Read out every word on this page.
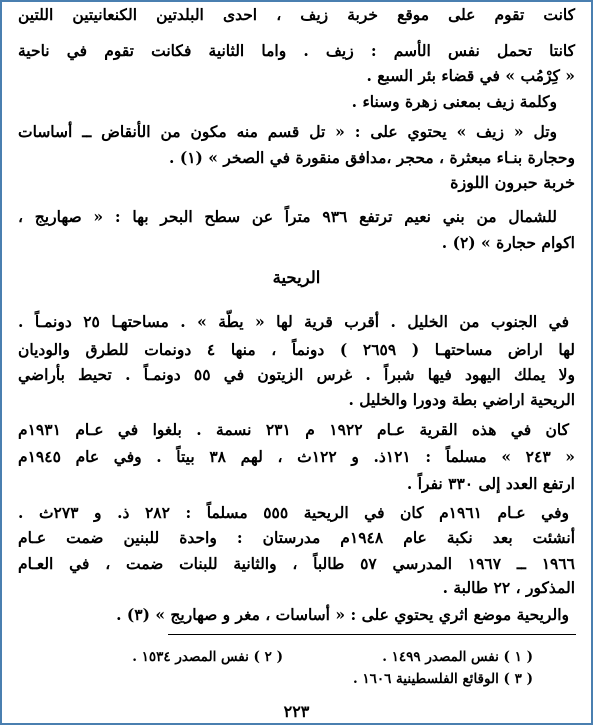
كانت تقوم على موقع خربة زيف ، احدى البلدتين الكنعانيتين اللتين
كانتا تحمل نفس الأسم : زيف . واما الثانية فكانت تقوم في ناحية
« كِرْمُب » في قضاء بئر السبع .
وكلمة زيف بمعنى زهرة وسناء .
وتل « زيف » يحتوي على : « تل قسم منه مكون من الأنقاض ــ أساسات
وحجارة بنـاء مبعثرة ، محجر ،مدافق منقورة في الصخر » (١) .
خربة حبرون اللوزة
للشمال من بني نعيم ترتفع ٩٣٦ متراً عن سطح البحر بها : « صهاريج ،
اكوام حجارة » (٢) .
الريحية
في الجنوب من الخليل . أقرب قرية لها « يطّة » . مساحتهـا ٢٥ دونمـاً .
لها اراض مساحتهـا ( ٢٦٥٩ ) دونماً ، منها ٤ دونمات للطرق والوديان
ولا يملك اليهود فيها شبراً . غرس الزيتون في ٥٥ دونمـاً . تحيط بأراضي
الريحية اراضي بطة ودورا والخليل .
كان في هذه القرية عـام ١٩٢٢ م ٢٣١ نسمة . بلغوا في عـام ١٩٣١م
« ٢٤٣ » مسلماً : ١٢١ذ. و ١٢٢ث ، لهم ٣٨ بيتاً . وفي عام ١٩٤٥م
ارتفع العدد إلى ٣٣٠ نفراً .
وفي عـام ١٩٦١م كان في الريحية ٥٥٥ مسلماً : ٢٨٢ ذ. و ٢٧٣ث .
أنشئت بعد نكبة عام ١٩٤٨م مدرستان : واحدة للبنين ضمت عـام
١٩٦٦ ــ ١٩٦٧ المدرسي ٥٧ طالباً ، والثانية للبنات ضمت ، في العـام
المذكور ، ٢٢ طالبة .
والريحية موضع اثري يحتوي على : « أساسات ، مغر و صهاريج » (٣) .
( ١ ) نفس المصدر ١٤٩٩ .
( ٢ ) نفس المصدر ١٥٣٤ .
( ٣ ) الوقائع الفلسطينية ١٦٠٦ .
٢٢٣
